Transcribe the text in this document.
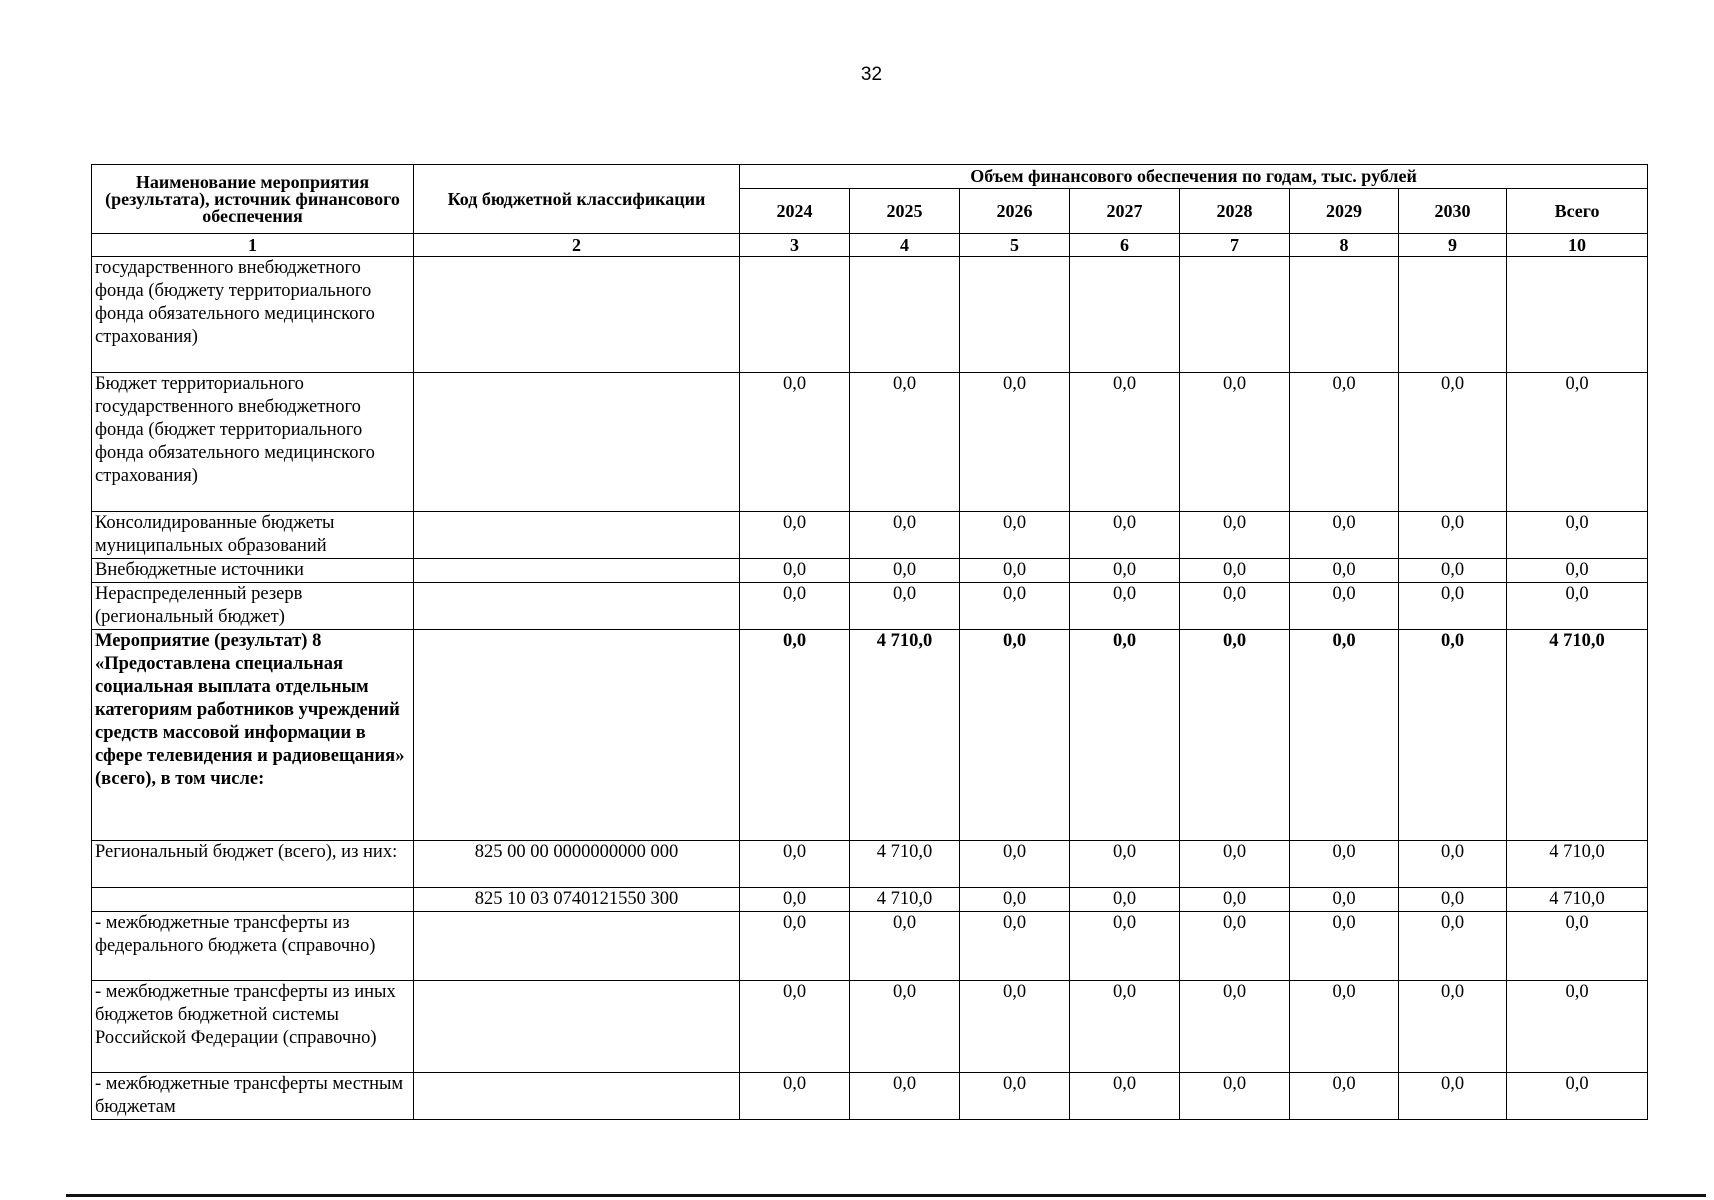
32
Наименование мероприятия (результата), источник финансового обеспечения	Код бюджетной классификации	Объем финансового обеспечения по годам, тыс. рублей							
		2024	2025	2026	2027	2028	2029	2030	Всего
1	2	3	4	5	6	7	8	9	10
государственного внебюджетного фонда (бюджету территориального фонда обязательного медицинского страхования)									
Бюджет территориального государственного внебюджетного фонда (бюджет территориального фонда обязательного медицинского страхования)		0,0	0,0	0,0	0,0	0,0	0,0	0,0	0,0
Консолидированные бюджеты муниципальных образований		0,0	0,0	0,0	0,0	0,0	0,0	0,0	0,0
Внебюджетные источники		0,0	0,0	0,0	0,0	0,0	0,0	0,0	0,0
Нераспределенный резерв (региональный бюджет)		0,0	0,0	0,0	0,0	0,0	0,0	0,0	0,0
Мероприятие (результат) 8 «Предоставлена специальная социальная выплата отдельным категориям работников учреждений средств массовой информации в сфере телевидения и радиовещания» (всего), в том числе:		0,0	4 710,0	0,0	0,0	0,0	0,0	0,0	4 710,0
Региональный бюджет (всего), из них:	825 00 00 0000000000 000	0,0	4 710,0	0,0	0,0	0,0	0,0	0,0	4 710,0
	825 10 03 0740121550 300	0,0	4 710,0	0,0	0,0	0,0	0,0	0,0	4 710,0
- межбюджетные трансферты из федерального бюджета (справочно)		0,0	0,0	0,0	0,0	0,0	0,0	0,0	0,0
- межбюджетные трансферты из иных бюджетов бюджетной системы Российской Федерации (справочно)		0,0	0,0	0,0	0,0	0,0	0,0	0,0	0,0
- межбюджетные трансферты местным бюджетам		0,0	0,0	0,0	0,0	0,0	0,0	0,0	0,0
